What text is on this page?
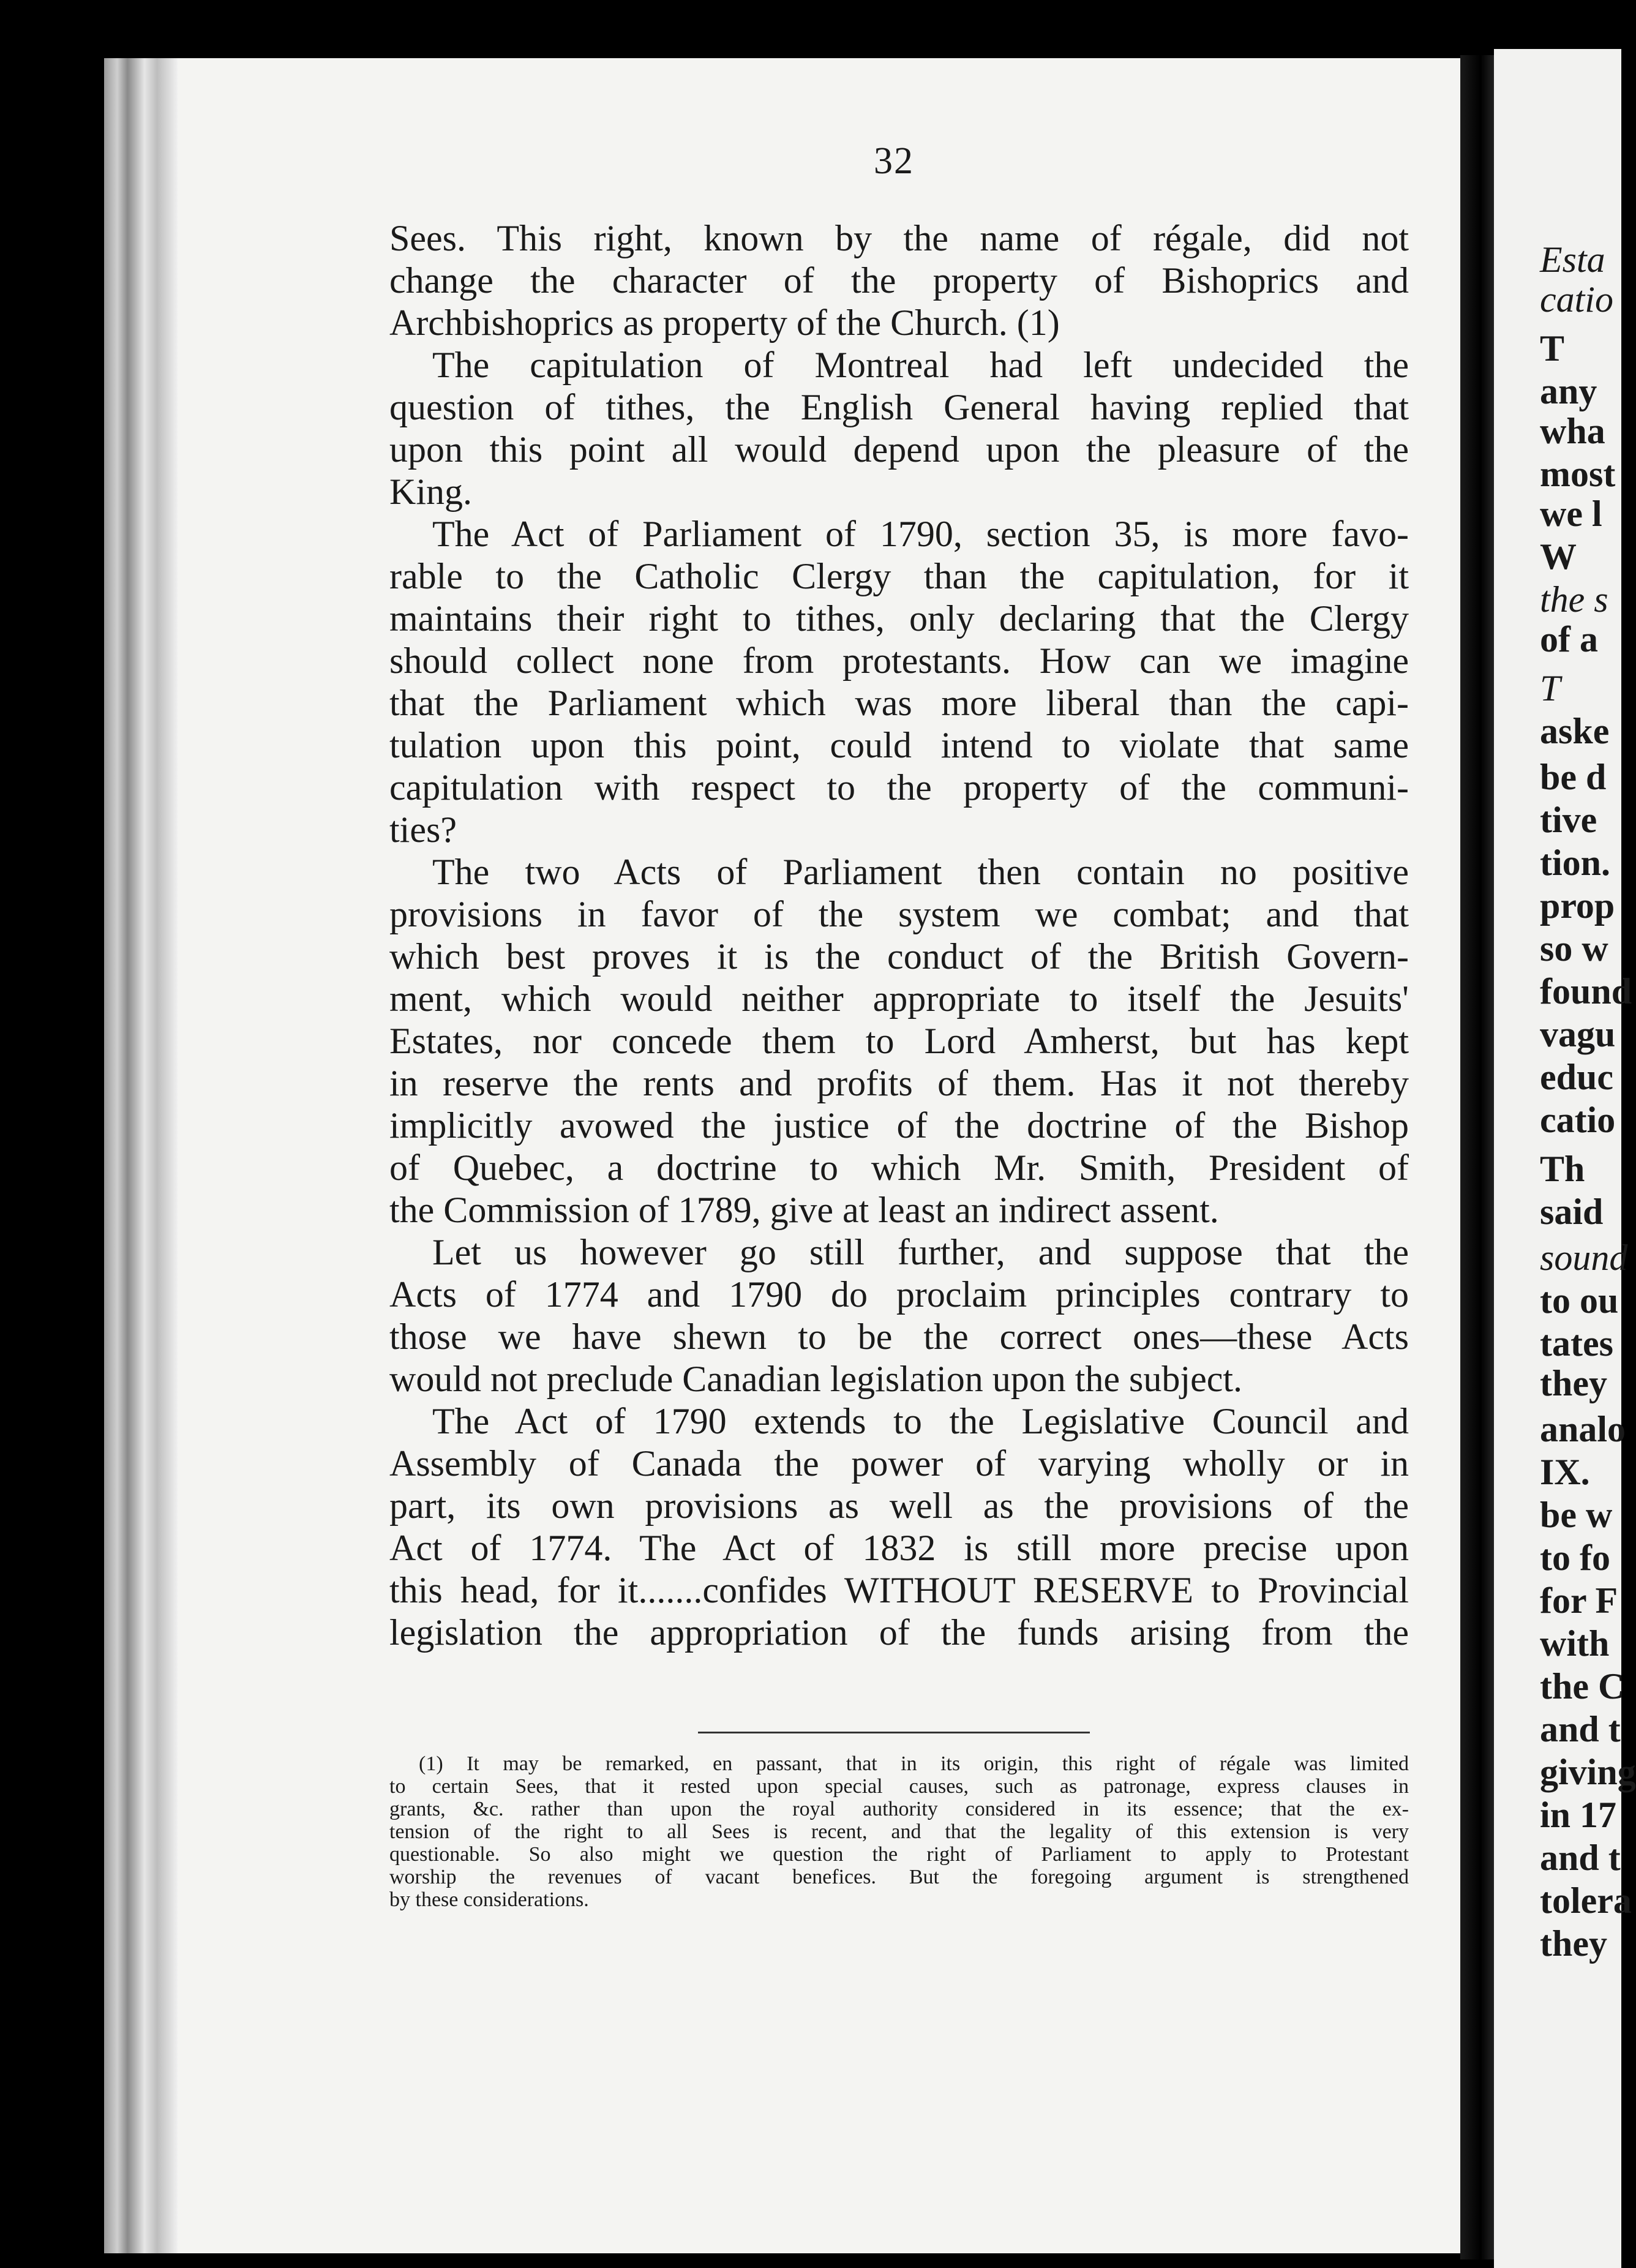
Esta
catio
T
any
wha
most
we l
W
the s
of a
T
aske
be d
tive
tion.
prop
so w
found
vagu
educ
catio
Th
said
sound
to ou
tates
they
analo
IX.
be w
to fo
for F
with
the C
and t
giving
in 17
and t
tolera
they
32
Sees. This right, known by the name of régale, did not
change the character of the property of Bishoprics and
Archbishoprics as property of the Church. (1)
The capitulation of Montreal had left undecided the
question of tithes, the English General having replied that
upon this point all would depend upon the pleasure of the
King.
The Act of Parliament of 1790, section 35, is more favo-
rable to the Catholic Clergy than the capitulation, for it
maintains their right to tithes, only declaring that the Clergy
should collect none from protestants. How can we imagine
that the Parliament which was more liberal than the capi-
tulation upon this point, could intend to violate that same
capitulation with respect to the property of the communi-
ties?
The two Acts of Parliament then contain no positive
provisions in favor of the system we combat; and that
which best proves it is the conduct of the British Govern-
ment, which would neither appropriate to itself the Jesuits'
Estates, nor concede them to Lord Amherst, but has kept
in reserve the rents and profits of them. Has it not thereby
implicitly avowed the justice of the doctrine of the Bishop
of Quebec, a doctrine to which Mr. Smith, President of
the Commission of 1789, give at least an indirect assent.
Let us however go still further, and suppose that the
Acts of 1774 and 1790 do proclaim principles contrary to
those we have shewn to be the correct ones—these Acts
would not preclude Canadian legislation upon the subject.
The Act of 1790 extends to the Legislative Council and
Assembly of Canada the power of varying wholly or in
part, its own provisions as well as the provisions of the
Act of 1774. The Act of 1832 is still more precise upon
this head, for it.......confides WITHOUT RESERVE to Provincial
legislation the appropriation of the funds arising from the
(1) It may be remarked, en passant, that in its origin, this right of régale was limited
to certain Sees, that it rested upon special causes, such as patronage, express clauses in
grants, &c. rather than upon the royal authority considered in its essence; that the ex-
tension of the right to all Sees is recent, and that the legality of this extension is very
questionable. So also might we question the right of Parliament to apply to Protestant
worship the revenues of vacant benefices. But the foregoing argument is strengthened
by these considerations.
